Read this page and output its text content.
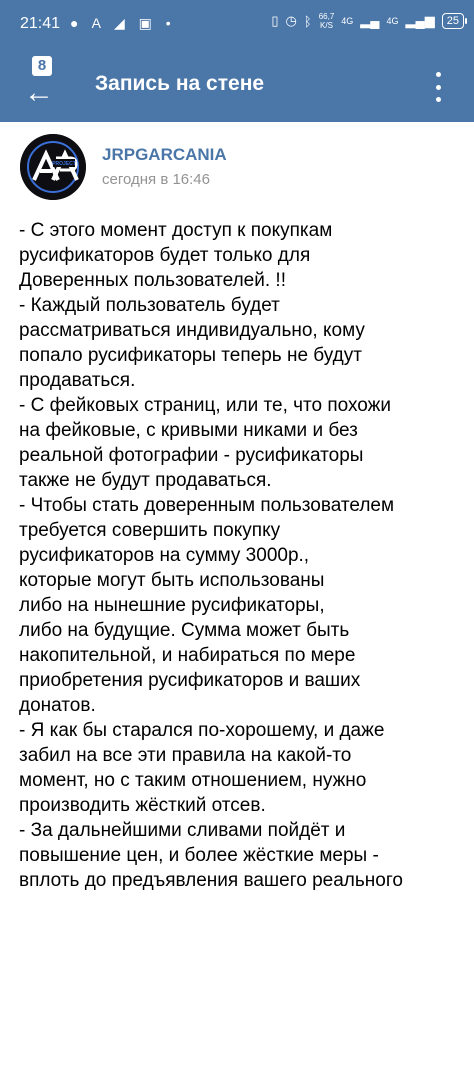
21:41 ● A ◢ ▣ •	▯ ◷ ᛒ 66,7
K/S 4G ▂▄ 4G ▂▄▆	25
8
← Запись на стене
PROJECT JRPGARCANIA
сегодня в 16:46

- С этого момент доступ к покупкам
русификаторов будет только для
Доверенных пользователей. !!
- Каждый пользователь будет
рассматриваться индивидуально, кому
попало русификаторы теперь не будут
продаваться.
- С фейковых страниц, или те, что похожи
на фейковые, с кривыми никами и без
реальной фотографии - русификаторы
также не будут продаваться.
- Чтобы стать доверенным пользователем
требуется совершить покупку
русификаторов на сумму 3000р.,
которые могут быть использованы
либо на нынешние русификаторы,
либо на будущие. Сумма может быть
накопительной, и набираться по мере
приобретения русификаторов и ваших
донатов.
- Я как бы старался по-хорошему, и даже
забил на все эти правила на какой-то
момент, но с таким отношением, нужно
производить жёсткий отсев.
- За дальнейшими сливами пойдёт и
повышение цен, и более жёсткие меры -
вплоть до предъявления вашего реального
